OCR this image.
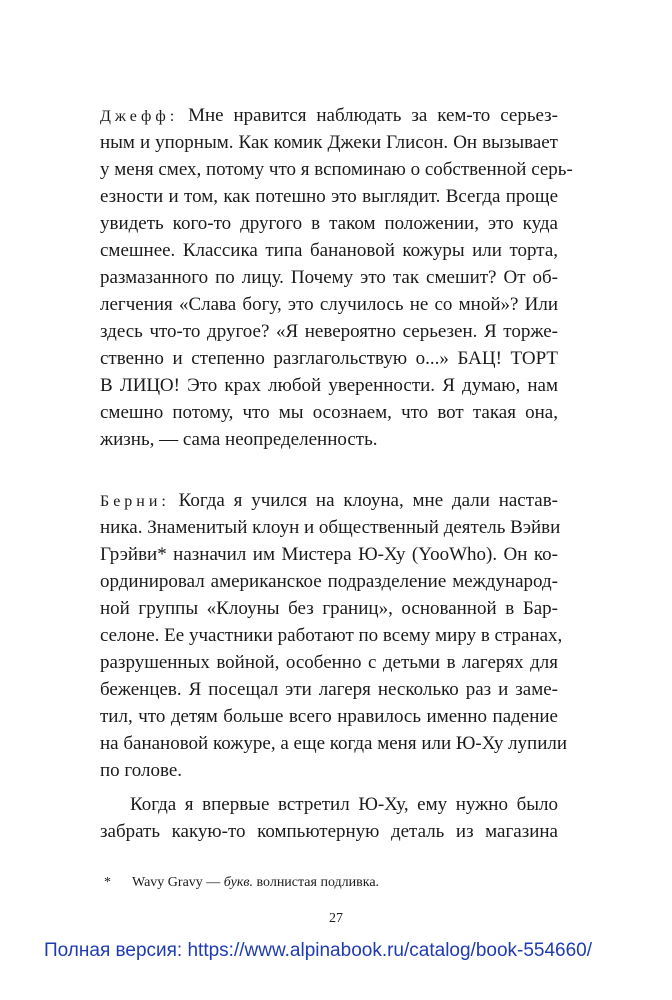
Джефф: Мне нравится наблюдать за кем-то серьез-
ным и упорным. Как комик Джеки Глисон. Он вызывает
у меня смех, потому что я вспоминаю о собственной серь-
езности и том, как потешно это выглядит. Всегда проще
увидеть кого-то другого в таком положении, это куда
смешнее. Классика типа банановой кожуры или торта,
размазанного по лицу. Почему это так смешит? От об-
легчения «Слава богу, это случилось не со мной»? Или
здесь что-то другое? «Я невероятно серьезен. Я торже-
ственно и степенно разглагольствую о...» БАЦ! ТОРТ
В ЛИЦО! Это крах любой уверенности. Я думаю, нам
смешно потому, что мы осознаем, что вот такая она,
жизнь, — сама неопределенность.
Берни: Когда я учился на клоуна, мне дали настав-
ника. Знаменитый клоун и общественный деятель Вэйви
Грэйви* назначил им Мистера Ю-Ху (YooWho). Он ко-
ординировал американское подразделение международ-
ной группы «Клоуны без границ», основанной в Бар-
селоне. Ее участники работают по всему миру в странах,
разрушенных войной, особенно с детьми в лагерях для
беженцев. Я посещал эти лагеря несколько раз и заме-
тил, что детям больше всего нравилось именно падение
на банановой кожуре, а еще когда меня или Ю-Ху лупили
по голове.
Когда я впервые встретил Ю-Ху, ему нужно было
забрать какую-то компьютерную деталь из магазина
* Wavy Gravy — букв. волнистая подливка.
27
Полная версия: https://www.alpinabook.ru/catalog/book-554660/
